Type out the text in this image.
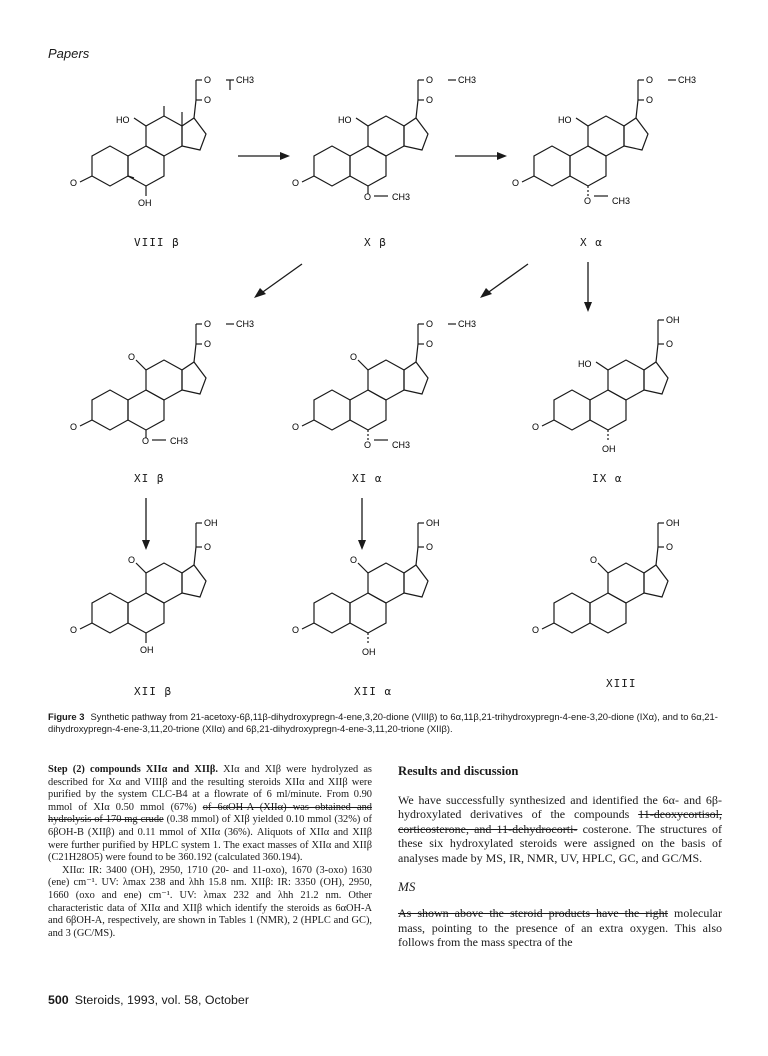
Papers
O
HO
OH
O	CH3
O
O
HO
O CH3
O	CH3
O
O
HO
O CH3
O	CH3
O
VIII β	X β	X α
O
O
O CH3
O	CH3
O
O
O
O CH3
O	CH3
O
O
HO
OH
OH
O
XI β	XI α	IX α
O
O
OH
OH
O
O
O
OH
OH
O
O
O
OH
O
XII β	XII α
XIII
Figure 3 Synthetic pathway from 21-acetoxy-6β,11β-dihydroxypregn-4-ene,3,20-dione (VIIIβ) to 6α,11β,21-trihydroxypregn-4-ene-3,20-dione (IXα), and to 6α,21-dihydroxypregn-4-ene-3,11,20-trione (XIIα) and 6β,21-dihydroxypregn-4-ene-3,11,20-trione (XIIβ).

Step (2) compounds XIIα and XIIβ. XIα and XIβ were hydrolyzed as described for Xα and VIIIβ and the resulting steroids XIIα and XIIβ were purified by the system CLC-B4 at a flowrate of 6 ml/minute. From 0.90 mmol of XIα 0.50 mmol (67%) of 6αOH-A (XIIα) was obtained and hydrolysis of 170 mg crude (0.38 mmol) of XIβ yielded 0.10 mmol (32%) of 6βOH-B (XIIβ) and 0.11 mmol of XIIα (36%). Aliquots of XIIα and XIIβ were further purified by HPLC system 1. The exact masses of XIIα and XIIβ (C21H28O5) were found to be 360.192 (calculated 360.194).

XIIα: IR: 3400 (OH), 2950, 1710 (20- and 11-oxo), 1670 (3-oxo) 1630 (ene) cm⁻¹. UV: λmax 238 and λhh 15.8 nm. XIIβ: IR: 3350 (OH), 2950, 1660 (oxo and ene) cm⁻¹. UV: λmax 232 and λhh 21.2 nm. Other characteristic data of XIIα and XIIβ which identify the steroids as 6αOH-A and 6βOH-A, respectively, are shown in Tables 1 (NMR), 2 (HPLC and GC), and 3 (GC/MS).

Results and discussion

We have successfully synthesized and identified the 6α- and 6β-hydroxylated derivatives of the compounds 11-deoxycortisol, corticosterone, and 11-dehydrocorti- costerone. The structures of these six hydroxylated steroids were assigned on the basis of analyses made by MS, IR, NMR, UV, HPLC, GC, and GC/MS.

MS

As shown above the steroid products have the right molecular mass, pointing to the presence of an extra oxygen. This also follows from the mass spectra of the

500 Steroids, 1993, vol. 58, October
